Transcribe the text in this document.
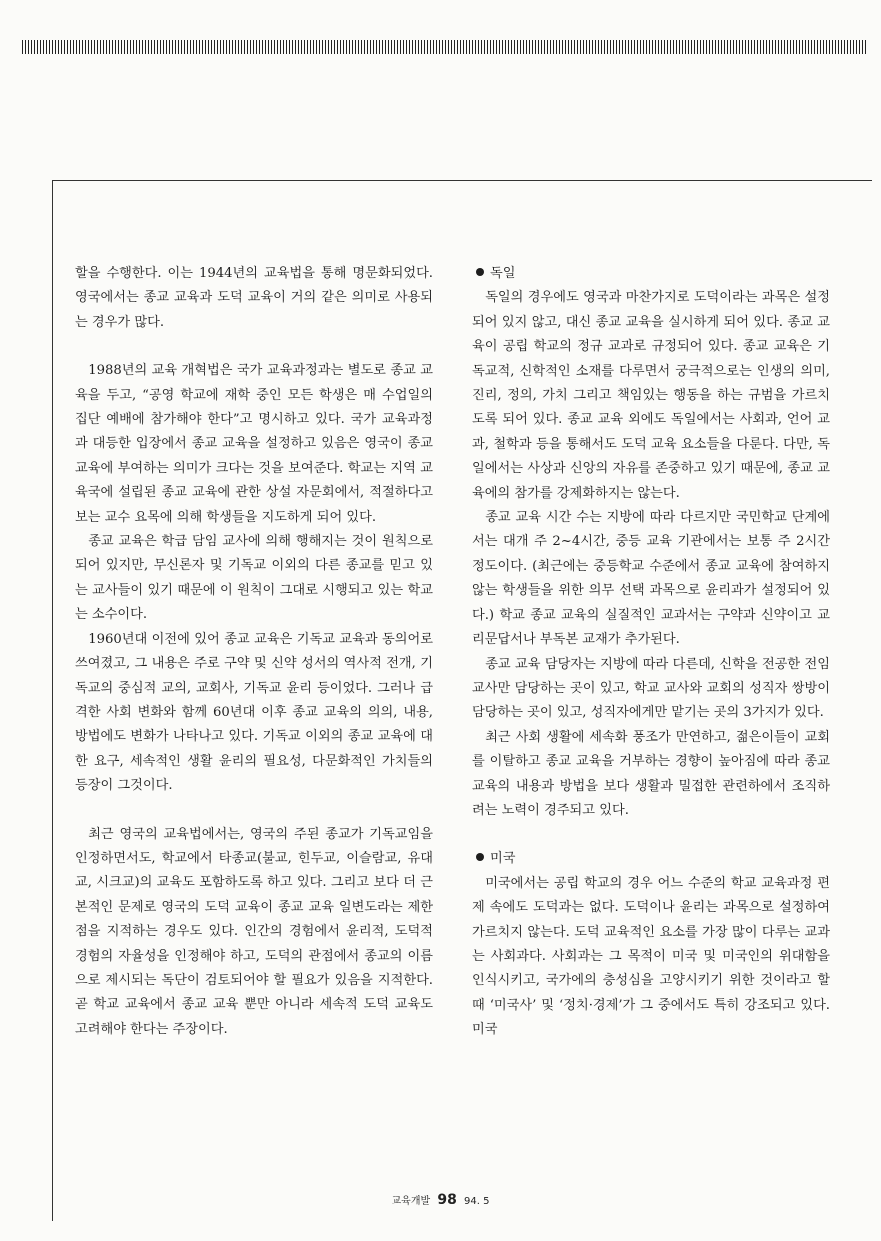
할을 수행한다. 이는 1944년의 교육법을 통해 명문화되었다. 영국에서는 종교 교육과 도덕 교육이 거의 같은 의미로 사용되는 경우가 많다.

1988년의 교육 개혁법은 국가 교육과정과는 별도로 종교 교육을 두고, “공영 학교에 재학 중인 모든 학생은 매 수업일의 집단 예배에 참가해야 한다”고 명시하고 있다. 국가 교육과정과 대등한 입장에서 종교 교육을 설정하고 있음은 영국이 종교 교육에 부여하는 의미가 크다는 것을 보여준다. 학교는 지역 교육국에 설립된 종교 교육에 관한 상설 자문회에서, 적절하다고 보는 교수 요목에 의해 학생들을 지도하게 되어 있다.

종교 교육은 학급 담임 교사에 의해 행해지는 것이 원칙으로 되어 있지만, 무신론자 및 기독교 이외의 다른 종교를 믿고 있는 교사들이 있기 때문에 이 원칙이 그대로 시행되고 있는 학교는 소수이다.

1960년대 이전에 있어 종교 교육은 기독교 교육과 동의어로 쓰여졌고, 그 내용은 주로 구약 및 신약 성서의 역사적 전개, 기독교의 중심적 교의, 교회사, 기독교 윤리 등이었다. 그러나 급격한 사회 변화와 함께 60년대 이후 종교 교육의 의의, 내용, 방법에도 변화가 나타나고 있다. 기독교 이외의 종교 교육에 대한 요구, 세속적인 생활 윤리의 필요성, 다문화적인 가치들의 등장이 그것이다.

최근 영국의 교육법에서는, 영국의 주된 종교가 기독교임을 인정하면서도, 학교에서 타종교(불교, 힌두교, 이슬람교, 유대교, 시크교)의 교육도 포함하도록 하고 있다. 그리고 보다 더 근본적인 문제로 영국의 도덕 교육이 종교 교육 일변도라는 제한점을 지적하는 경우도 있다. 인간의 경험에서 윤리적, 도덕적 경험의 자율성을 인정해야 하고, 도덕의 관점에서 종교의 이름으로 제시되는 독단이 검토되어야 할 필요가 있음을 지적한다. 곧 학교 교육에서 종교 교육 뿐만 아니라 세속적 도덕 교육도 고려해야 한다는 주장이다.

독일

독일의 경우에도 영국과 마찬가지로 도덕이라는 과목은 설정되어 있지 않고, 대신 종교 교육을 실시하게 되어 있다. 종교 교육이 공립 학교의 정규 교과로 규정되어 있다. 종교 교육은 기독교적, 신학적인 소재를 다루면서 궁극적으로는 인생의 의미, 진리, 정의, 가치 그리고 책임있는 행동을 하는 규범을 가르치도록 되어 있다. 종교 교육 외에도 독일에서는 사회과, 언어 교과, 철학과 등을 통해서도 도덕 교육 요소들을 다룬다. 다만, 독일에서는 사상과 신앙의 자유를 존중하고 있기 때문에, 종교 교육에의 참가를 강제화하지는 않는다.

종교 교육 시간 수는 지방에 따라 다르지만 국민학교 단계에서는 대개 주 2~4시간, 중등 교육 기관에서는 보통 주 2시간 정도이다. (최근에는 중등학교 수준에서 종교 교육에 참여하지 않는 학생들을 위한 의무 선택 과목으로 윤리과가 설정되어 있다.) 학교 종교 교육의 실질적인 교과서는 구약과 신약이고 교리문답서나 부독본 교재가 추가된다.

종교 교육 담당자는 지방에 따라 다른데, 신학을 전공한 전임 교사만 담당하는 곳이 있고, 학교 교사와 교회의 성직자 쌍방이 담당하는 곳이 있고, 성직자에게만 맡기는 곳의 3가지가 있다.

최근 사회 생활에 세속화 풍조가 만연하고, 젊은이들이 교회를 이탈하고 종교 교육을 거부하는 경향이 높아짐에 따라 종교 교육의 내용과 방법을 보다 생활과 밀접한 관련하에서 조직하려는 노력이 경주되고 있다.

미국

미국에서는 공립 학교의 경우 어느 수준의 학교 교육과정 편제 속에도 도덕과는 없다. 도덕이나 윤리는 과목으로 설정하여 가르치지 않는다. 도덕 교육적인 요소를 가장 많이 다루는 교과는 사회과다. 사회과는 그 목적이 미국 및 미국인의 위대함을 인식시키고, 국가에의 충성심을 고양시키기 위한 것이라고 할 때 ‘미국사’ 및 ‘정치·경제’가 그 중에서도 특히 강조되고 있다. 미국

교육개발 98 94. 5
